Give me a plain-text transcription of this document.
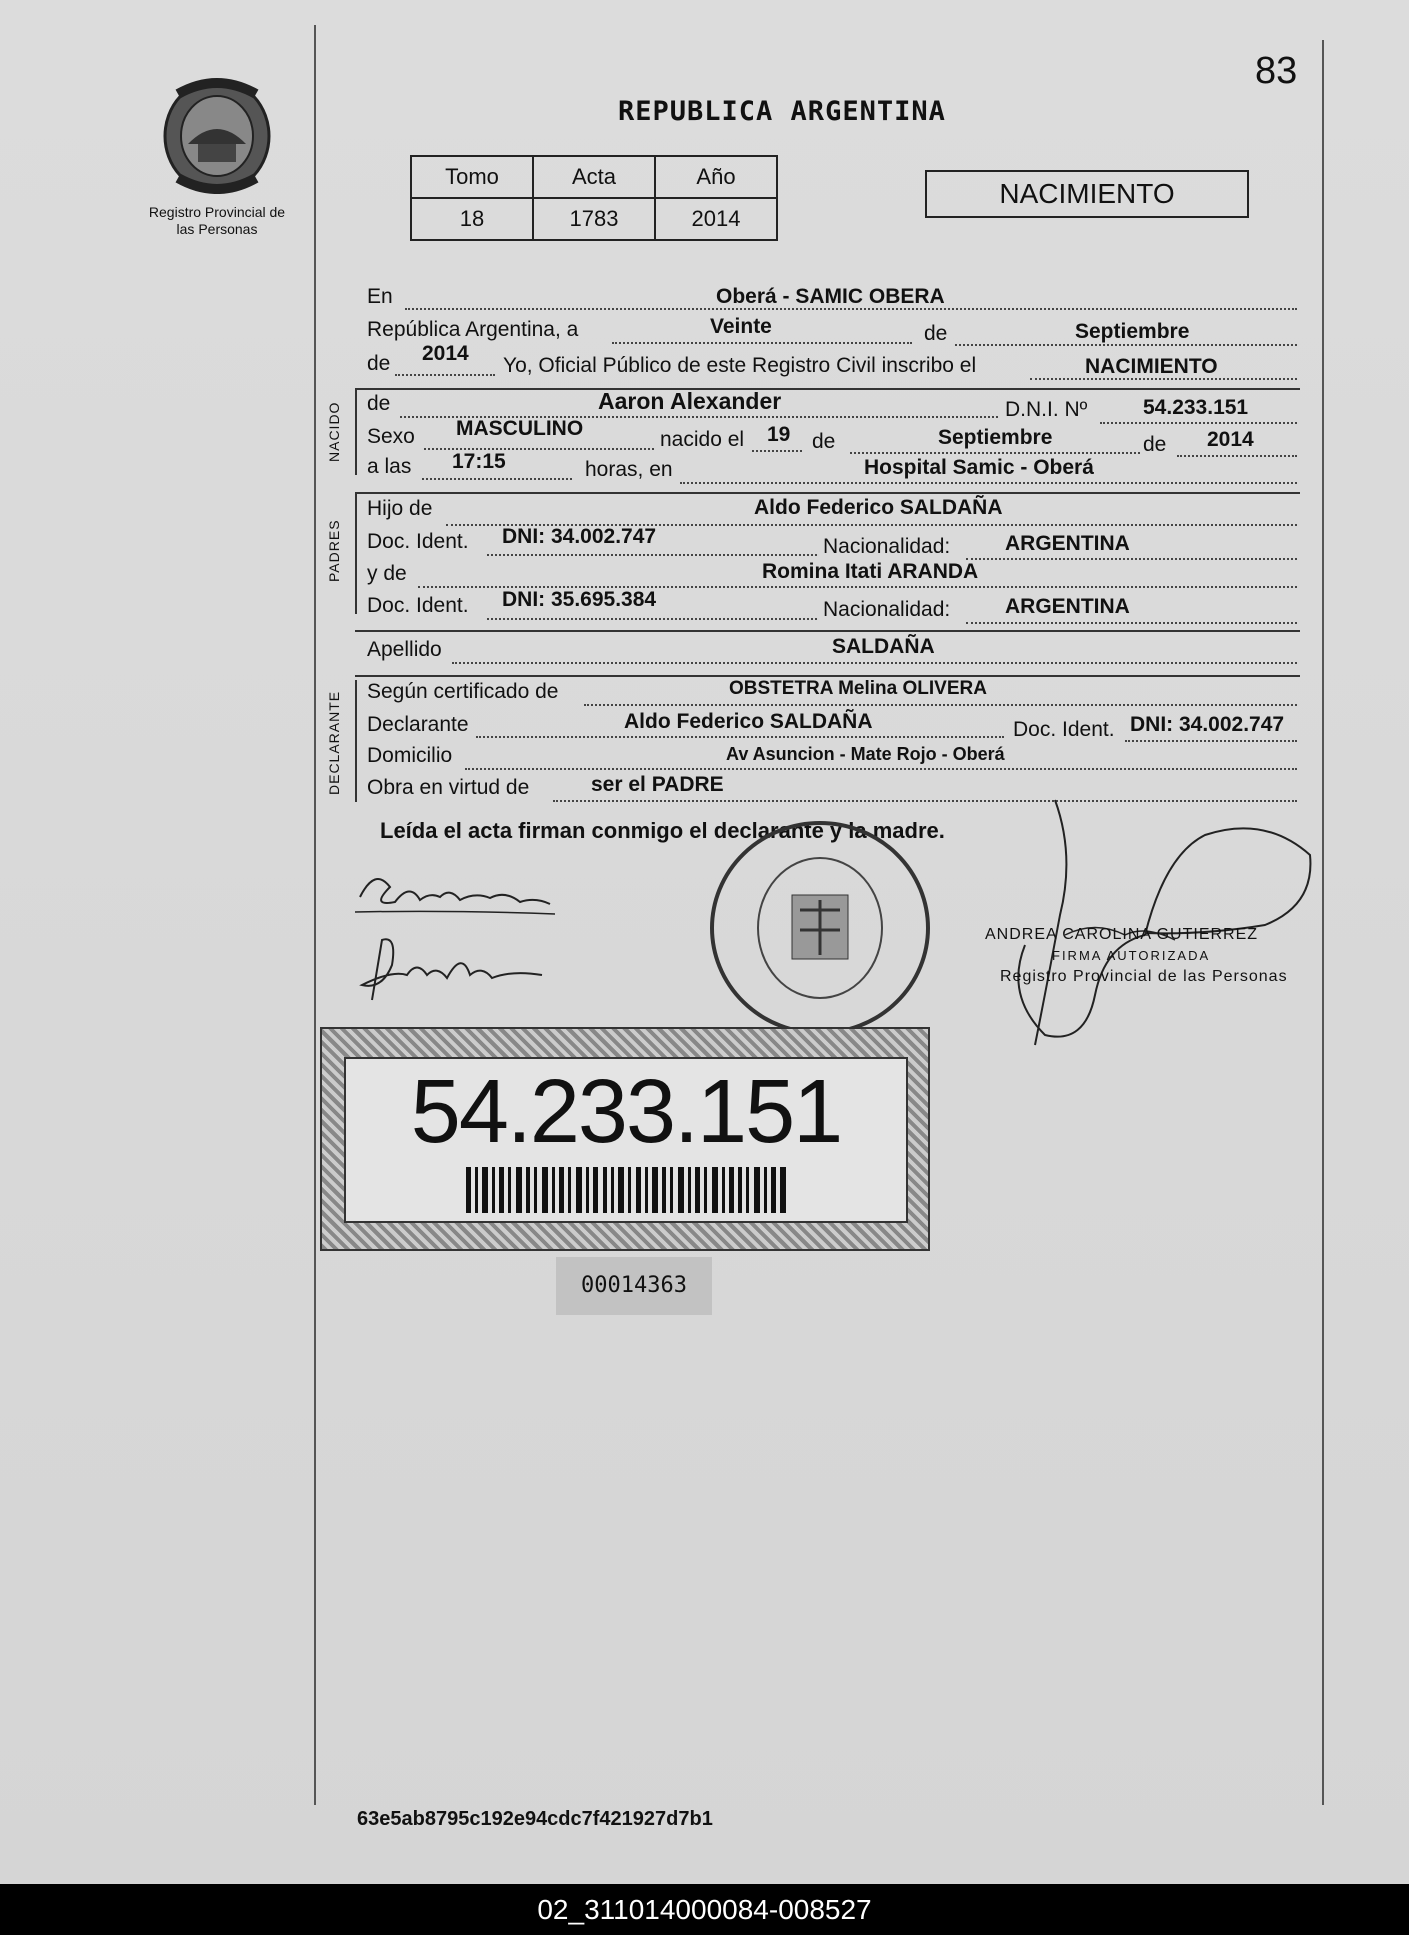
83
Registro Provincial de las Personas
REPUBLICA ARGENTINA
Tomo	Acta	Año
18	1783	2014
NACIMIENTO
En	Oberá - SAMIC OBERA
República Argentina, a	Veinte	de	Septiembre
de 2014
Yo, Oficial Público de este Registro Civil inscribo el	NACIMIENTO
NACIDO de	Aaron Alexander	D.N.I. Nº	54.233.151
Sexo MASCULINO	nacido el 19 de	Septiembre	de 2014
a las 17:15	horas, en	Hospital Samic - Oberá
PADRES
Hijo de	Aldo Federico SALDAÑA
Doc. Ident. DNI: 34.002.747	Nacionalidad:	ARGENTINA
y de	Romina Itati ARANDA
Doc. Ident. DNI: 35.695.384	Nacionalidad:	ARGENTINA
Apellido	SALDAÑA
DECLARANTE Según certificado de	OBSTETRA Melina OLIVERA
Declarante	Aldo Federico SALDAÑA	Doc. Ident. DNI: 34.002.747
Domicilio	Av Asuncion - Mate Rojo - Oberá
Obra en virtud de	ser el PADRE
Leída el acta firman conmigo el declarante y la madre.
ANDREA CAROLINA GUTIERREZ
FIRMA AUTORIZADA
Registro Provincial de las Personas
54.233.151
00014363
63e5ab8795c192e94cdc7f421927d7b1
02_311014000084-008527
